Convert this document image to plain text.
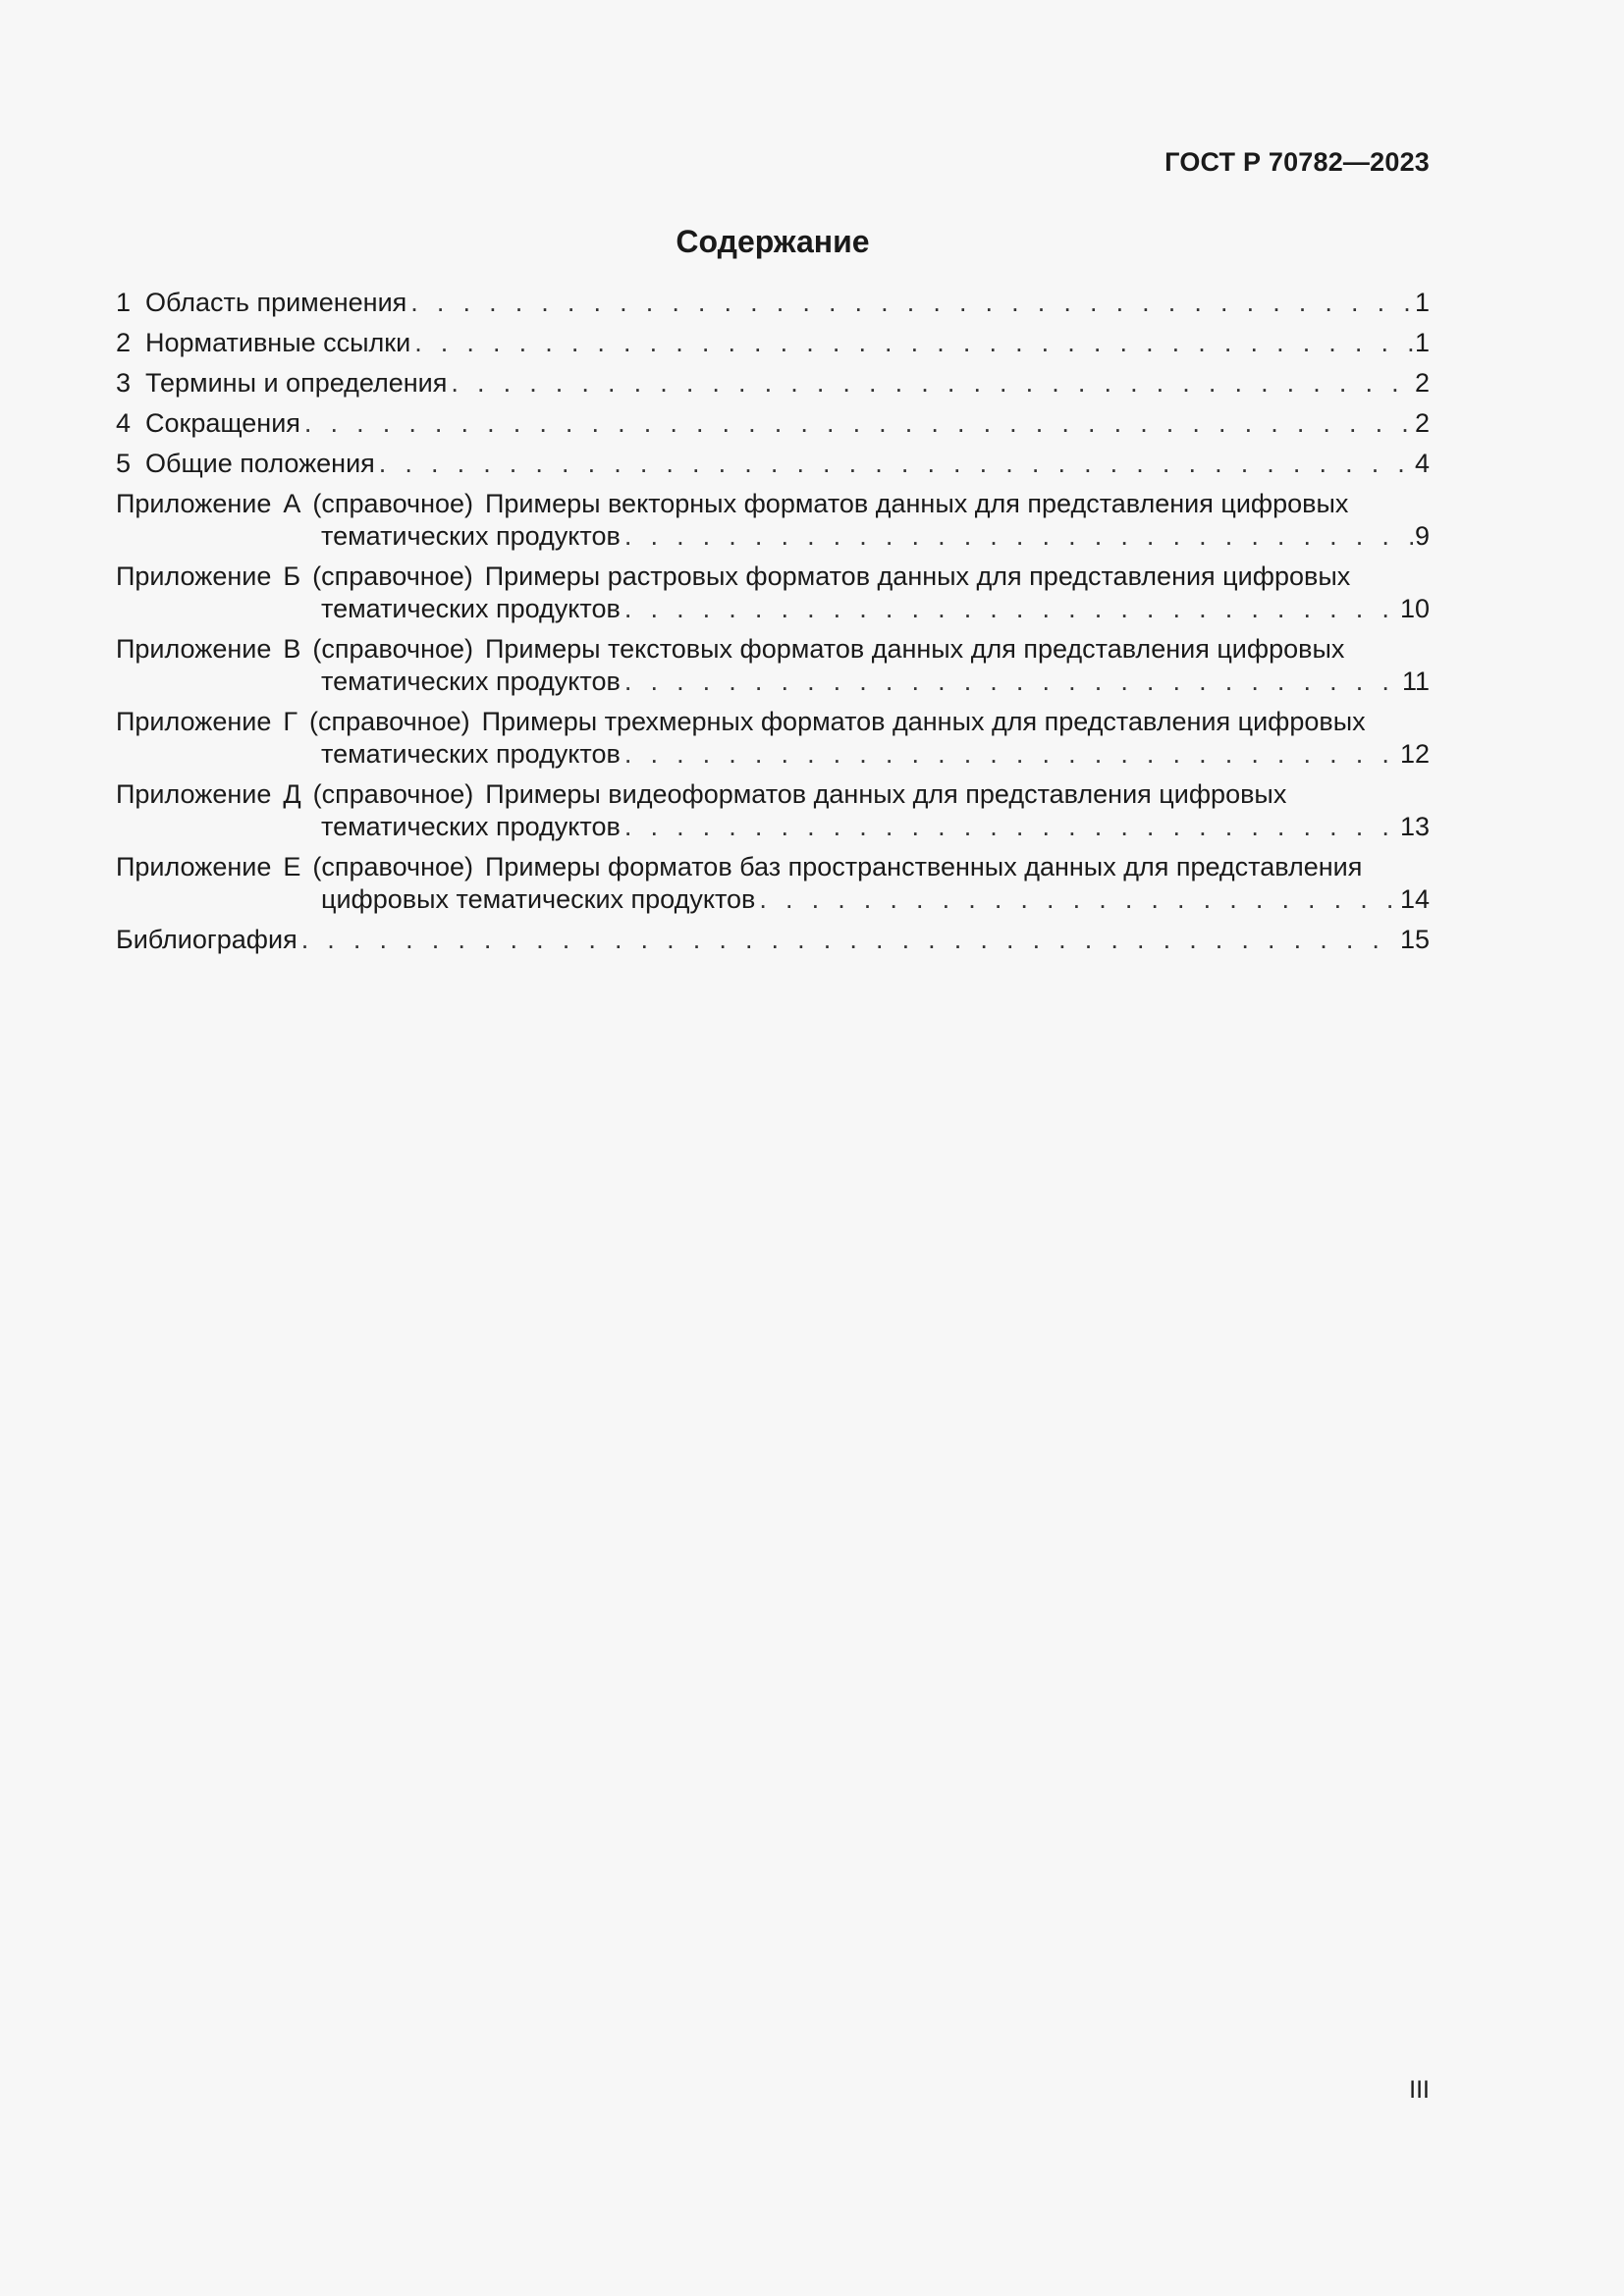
ГОСТ Р 70782—2023
Содержание
1 Область применения . . .	1
2 Нормативные ссылки . . .	1
3 Термины и определения . . .	2
4 Сокращения . . .	2
5 Общие положения . . .	4
Приложение А (справочное) Примеры векторных форматов данных для представления цифровых
тематических продуктов . . .	9
Приложение Б (справочное) Примеры растровых форматов данных для представления цифровых
тематических продуктов . . .	10
Приложение В (справочное) Примеры текстовых форматов данных для представления цифровых
тематических продуктов . . .	11
Приложение Г (справочное) Примеры трехмерных форматов данных для представления цифровых
тематических продуктов . . .	12
Приложение Д (справочное) Примеры видеоформатов данных для представления цифровых
тематических продуктов . . .	13
Приложение Е (справочное) Примеры форматов баз пространственных данных для представления
цифровых тематических продуктов . . .	14
Библиография . . .	15
III
